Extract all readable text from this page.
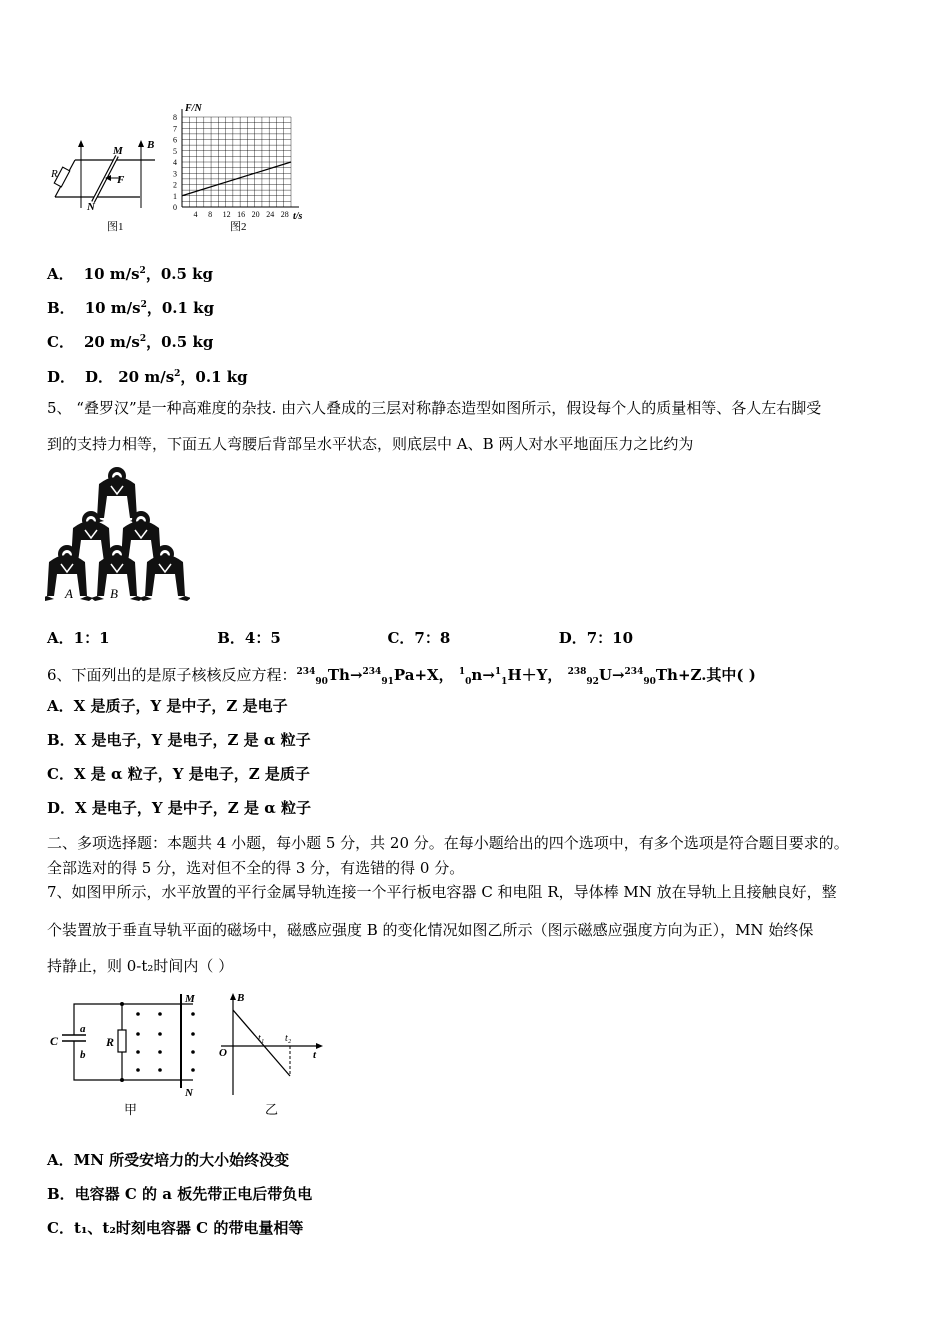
R
M
N
F
B
图1
8
7
6
5
4
3
2
1
0
4 8 12 16 20 24 28
F/N
t/s
图2
A． 10 $m/s^2$，0.5 kg
B． 10 $m/s^2$，0.1 kg
C． 20 $m/s^2$，0.5 kg
D． D． 20 $m/s^2$，0.1 kg
5、 “叠罗汉”是一种高难度的杂技. 由六人叠成的三层对称静态造型如图所示，假设每个人的质量相等、各人左右脚受
到的支持力相等，下面五人弯腰后背部呈水平状态，则底层中 A、B 两人对水平地面压力之比约为
A	B
A．1：1	B．4：5	C．7：8	D．7：10
6、下面列出的是原子核核反应方程：$^{234}_{90}$Th→$^{234}_{91}$Pa+X， $^1_0$n→$^1_1$H＋Y， $^{238}_{92}$U→$^{234}_{90}$Th+Z.其中( )
A．X 是质子，Y 是中子，Z 是电子
B．X 是电子，Y 是电子，Z 是 α 粒子
C．X 是 α 粒子，Y 是电子，Z 是质子
D．X 是电子，Y 是中子，Z 是 α 粒子
二、多项选择题：本题共 4 小题，每小题 5 分，共 20 分。在每小题给出的四个选项中，有多个选项是符合题目要求的。
全部选对的得 5 分，选对但不全的得 3 分，有选错的得 0 分。
7、如图甲所示，水平放置的平行金属导轨连接一个平行板电容器 C 和电阻 R，导体棒 MN 放在导轨上且接触良好，整
个装置放于垂直导轨平面的磁场中，磁感应强度 B 的变化情况如图乙所示（图示磁感应强度方向为正），MN 始终保
持静止，则 0-t₂时间内（ ）
C
a
b
R
M
N
甲
B
O	t
t₁ t₂
乙
A．MN 所受安培力的大小始终没变
B．电容器 C 的 a 板先带正电后带负电
C．t₁、t₂时刻电容器 C 的带电量相等
